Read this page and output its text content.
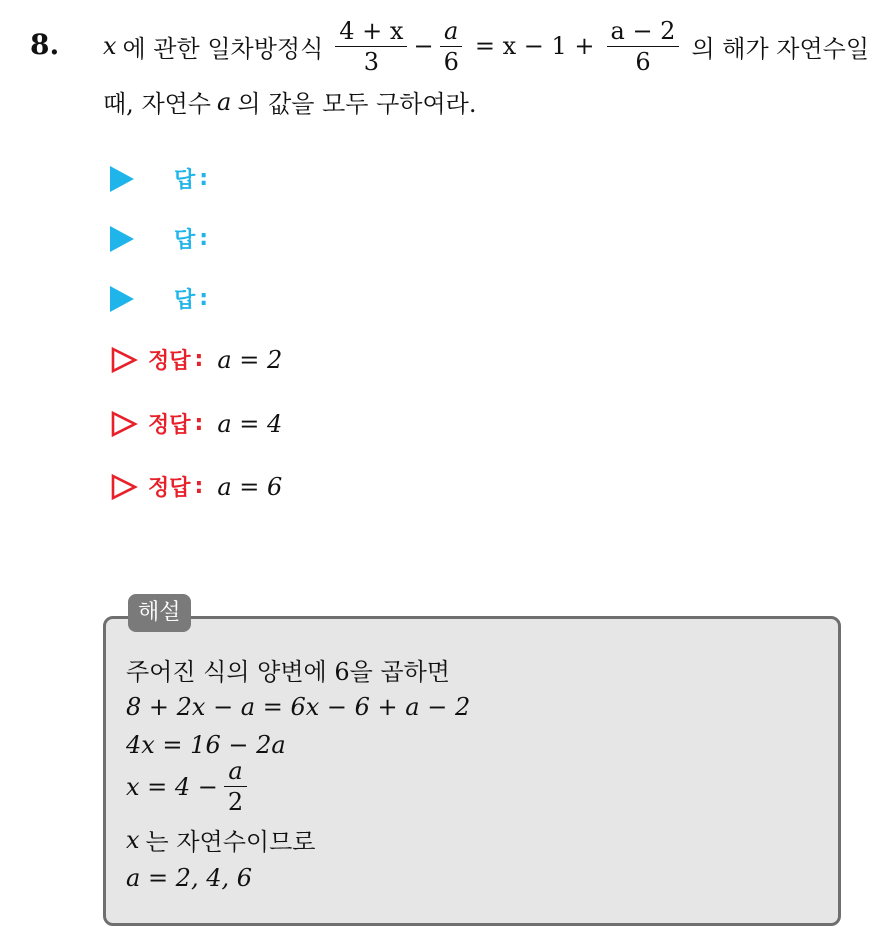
8. x 에 관한 일차방정식 $\frac{4 + x}{3} - \frac{a}{6} = x - 1 + \frac{a - 2}{6}$ 의 해가 자연수일
때, 자연수 a 의 값을 모두 구하여라.
답 :
답 :
답 :
정답 : a = 2
정답 : a = 4
정답 : a = 6
해설
주어진 식의 양변에 6을 곱하면
8 + 2x − a = 6x − 6 + a − 2
4x = 16 − 2a
$x = 4 - \frac{a}{2}$
x 는 자연수이므로
a = 2, 4, 6
